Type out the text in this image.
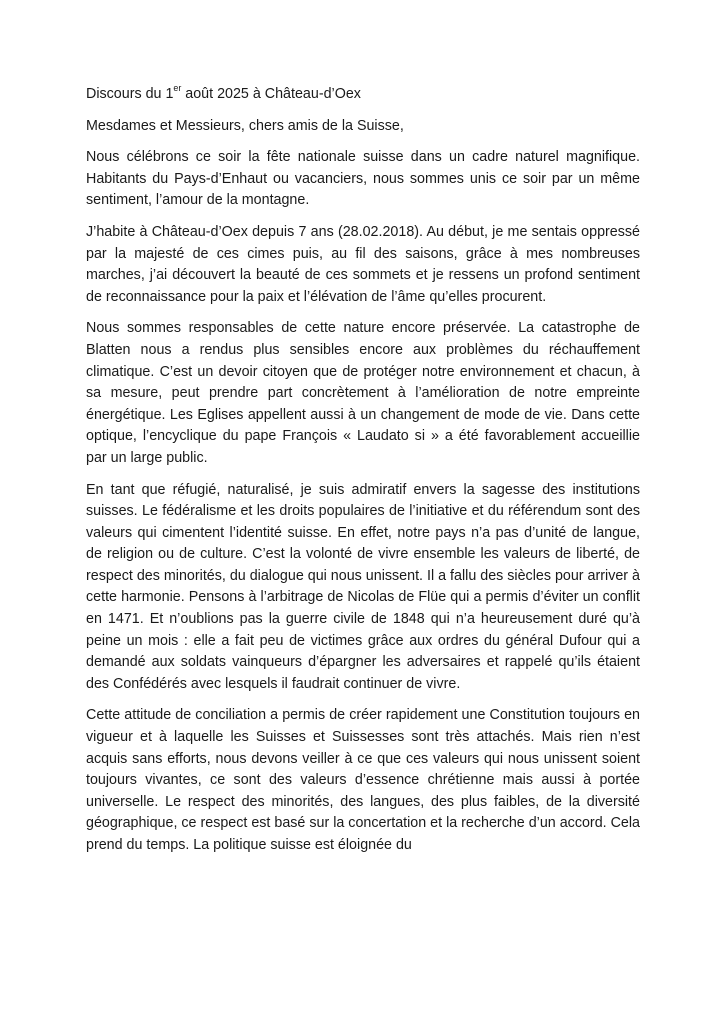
Discours du 1er août 2025 à Château-d’Oex

Mesdames et Messieurs, chers amis de la Suisse,

Nous célébrons ce soir la fête nationale suisse dans un cadre naturel magnifique. Habitants du Pays-d’Enhaut ou vacanciers, nous sommes unis ce soir par un même sentiment, l’amour de la montagne.

J’habite à Château-d’Oex depuis 7 ans (28.02.2018). Au début, je me sentais oppressé par la majesté de ces cimes puis, au fil des saisons, grâce à mes nombreuses marches, j’ai découvert la beauté de ces sommets et je ressens un profond sentiment de reconnaissance pour la paix et l’élévation de l’âme qu’elles procurent.

Nous sommes responsables de cette nature encore préservée. La catastrophe de Blatten nous a rendus plus sensibles encore aux problèmes du réchauffement climatique. C’est un devoir citoyen que de protéger notre environnement et chacun, à sa mesure, peut prendre part concrètement à l’amélioration de notre empreinte énergétique. Les Eglises appellent aussi à un changement de mode de vie. Dans cette optique, l’encyclique du pape François « Laudato si » a été favorablement accueillie par un large public.

En tant que réfugié, naturalisé, je suis admiratif envers la sagesse des institutions suisses. Le fédéralisme et les droits populaires de l’initiative et du référendum sont des valeurs qui cimentent l’identité suisse. En effet, notre pays n’a pas d’unité de langue, de religion ou de culture. C’est la volonté de vivre ensemble les valeurs de liberté, de respect des minorités, du dialogue qui nous unissent. Il a fallu des siècles pour arriver à cette harmonie. Pensons à l’arbitrage de Nicolas de Flüe qui a permis d’éviter un conflit en 1471. Et n’oublions pas la guerre civile de 1848 qui n’a heureusement duré qu’à peine un mois : elle a fait peu de victimes grâce aux ordres du général Dufour qui a demandé aux soldats vainqueurs d’épargner les adversaires et rappelé qu’ils étaient des Confédérés avec lesquels il faudrait continuer de vivre.

Cette attitude de conciliation a permis de créer rapidement une Constitution toujours en vigueur et à laquelle les Suisses et Suissesses sont très attachés. Mais rien n’est acquis sans efforts, nous devons veiller à ce que ces valeurs qui nous unissent soient toujours vivantes, ce sont des valeurs d’essence chrétienne mais aussi à portée universelle. Le respect des minorités, des langues, des plus faibles, de la diversité géographique, ce respect est basé sur la concertation et la recherche d’un accord. Cela prend du temps. La politique suisse est éloignée du
